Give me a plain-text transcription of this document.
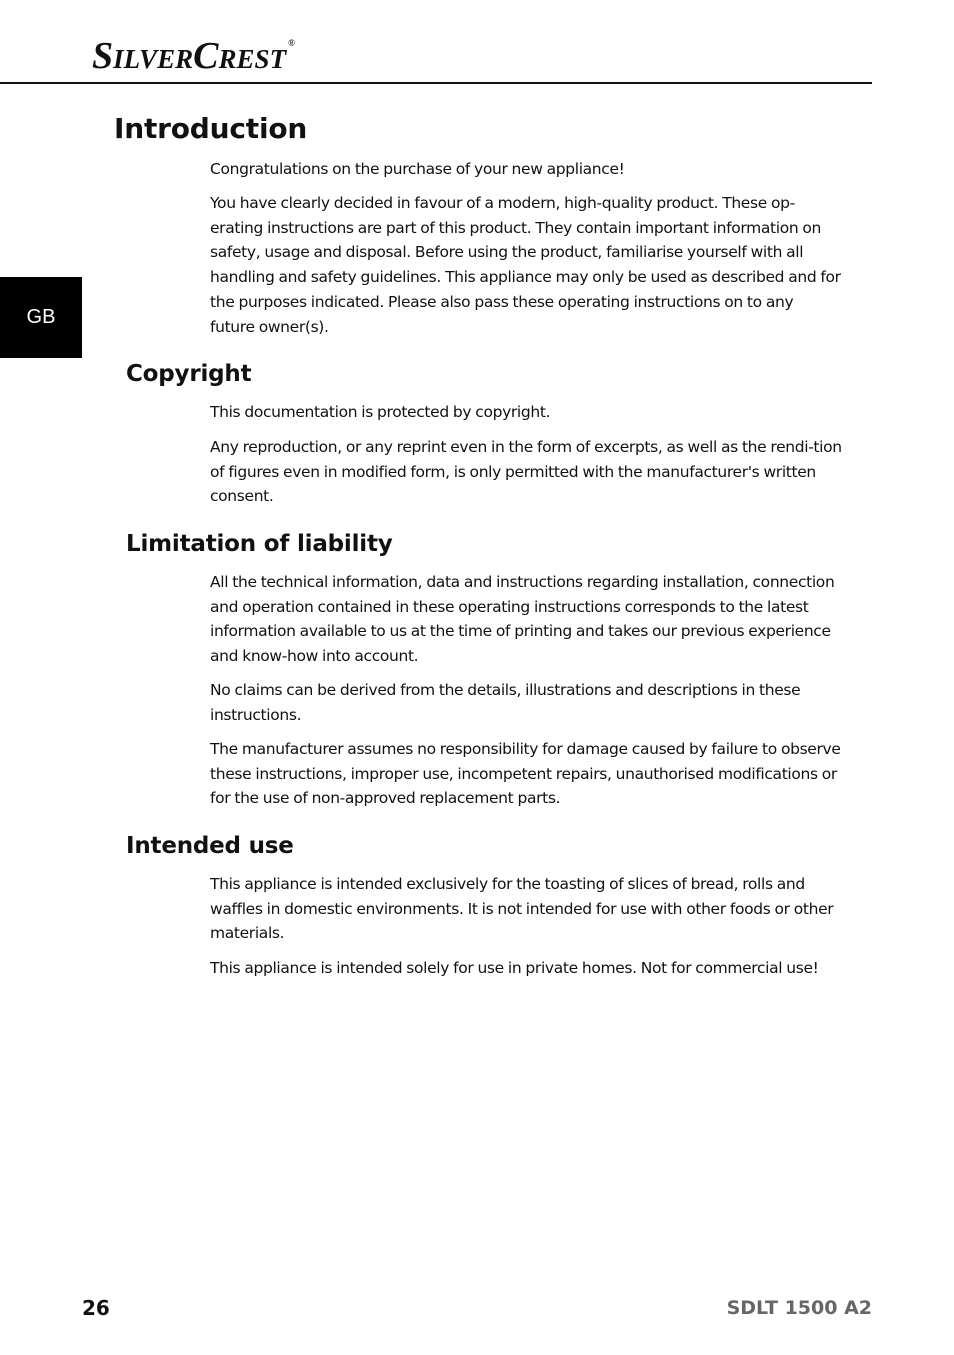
SILVERCREST®
GB
Introduction

Congratulations on the purchase of your new appliance!

You have clearly decided in favour of a modern, high-quality product. These op-erating instructions are part of this product. They contain important information on safety, usage and disposal. Before using the product, familiarise yourself with all handling and safety guidelines. This appliance may only be used as described and for the purposes indicated. Please also pass these operating instructions on to any future owner(s).

Copyright

This documentation is protected by copyright.

Any reproduction, or any reprint even in the form of excerpts, as well as the rendi-tion of figures even in modified form, is only permitted with the manufacturer's written consent.

Limitation of liability

All the technical information, data and instructions regarding installation, connection and operation contained in these operating instructions corresponds to the latest information available to us at the time of printing and takes our previous experience and know-how into account.

No claims can be derived from the details, illustrations and descriptions in these instructions.

The manufacturer assumes no responsibility for damage caused by failure to observe these instructions, improper use, incompetent repairs, unauthorised modifications or for the use of non-approved replacement parts.

Intended use

This appliance is intended exclusively for the toasting of slices of bread, rolls and waffles in domestic environments. It is not intended for use with other foods or other materials.

This appliance is intended solely for use in private homes. Not for commercial use!

26	SDLT 1500 A2
